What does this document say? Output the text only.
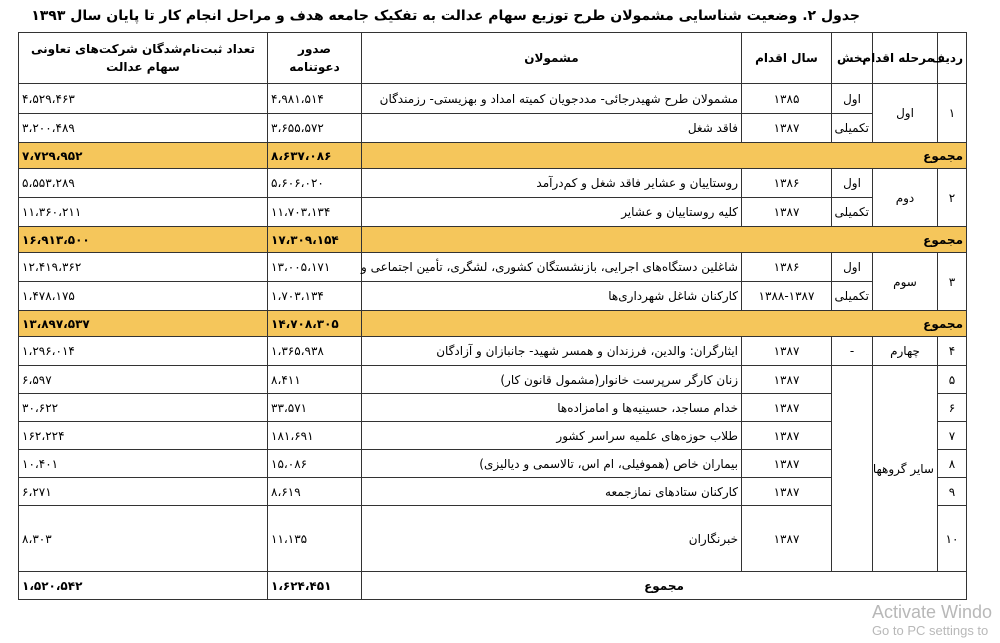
جدول ۲. وضعیت شناسایی مشمولان طرح توزیع سهام عدالت به تفکیک جامعه هدف و مراحل انجام کار تا پایان سال ۱۳۹۳
ردیف	مرحله اقدام	بخش	سال اقدام	مشمولان	صدور دعوتنامه	تعداد ثبت‌نام‌شدگان شرکت‌های تعاونی سهام عدالت
۱	اول	اول	۱۳۸۵	مشمولان طرح شهیدرجائی- مددجویان کمیته امداد و بهزیستی- رزمندگان	۴،۹۸۱،۵۱۴	۴،۵۲۹،۴۶۳
		تکمیلی	۱۳۸۷	فاقد شغل	۳،۶۵۵،۵۷۲	۳،۲۰۰،۴۸۹
مجموع					۸،۶۳۷،۰۸۶	۷،۷۲۹،۹۵۲
۲	دوم	اول	۱۳۸۶	روستاییان و عشایر فاقد شغل و کم‌درآمد	۵،۶۰۶،۰۲۰	۵،۵۵۳،۲۸۹
		تکمیلی	۱۳۸۷	کلیه روستاییان و عشایر	۱۱،۷۰۳،۱۳۴	۱۱،۳۶۰،۲۱۱
مجموع					۱۷،۳۰۹،۱۵۴	۱۶،۹۱۳،۵۰۰
۳	سوم	اول	۱۳۸۶	شاغلین دستگاه‌های اجرایی، بازنشستگان کشوری، لشگری، تأمین اجتماعی و	۱۳،۰۰۵،۱۷۱	۱۲،۴۱۹،۳۶۲
		تکمیلی	۱۳۸۸-۱۳۸۷	کارکنان شاغل شهرداری‌ها	۱،۷۰۳،۱۳۴	۱،۴۷۸،۱۷۵
مجموع					۱۴،۷۰۸،۳۰۵	۱۳،۸۹۷،۵۳۷
۴	چهارم	-	۱۳۸۷	ایثارگران: والدین، فرزندان و همسر شهید- جانبازان و آزادگان	۱،۳۶۵،۹۳۸	۱،۲۹۶،۰۱۴
۵	سایر گروهها		۱۳۸۷	زنان کارگر سرپرست خانوار(مشمول قانون کار)	۸،۴۱۱	۶،۵۹۷
۶			۱۳۸۷	خدام مساجد، حسینیه‌ها و امامزاده‌ها	۳۳،۵۷۱	۳۰،۶۲۲
۷			۱۳۸۷	طلاب حوزه‌های علمیه سراسر کشور	۱۸۱،۶۹۱	۱۶۲،۲۲۴
۸			۱۳۸۷	بیماران خاص (هموفیلی، ام اس، تالاسمی و دیالیزی)	۱۵،۰۸۶	۱۰،۴۰۱
۹			۱۳۸۷	کارکنان ستادهای نمازجمعه	۸،۶۱۹	۶،۲۷۱
۱۰			۱۳۸۷	خبرنگاران	۱۱،۱۳۵	۸،۳۰۳
مجموع					۱،۶۲۴،۴۵۱	۱،۵۲۰،۵۴۲
Activate Windo
Go to PC settings to
